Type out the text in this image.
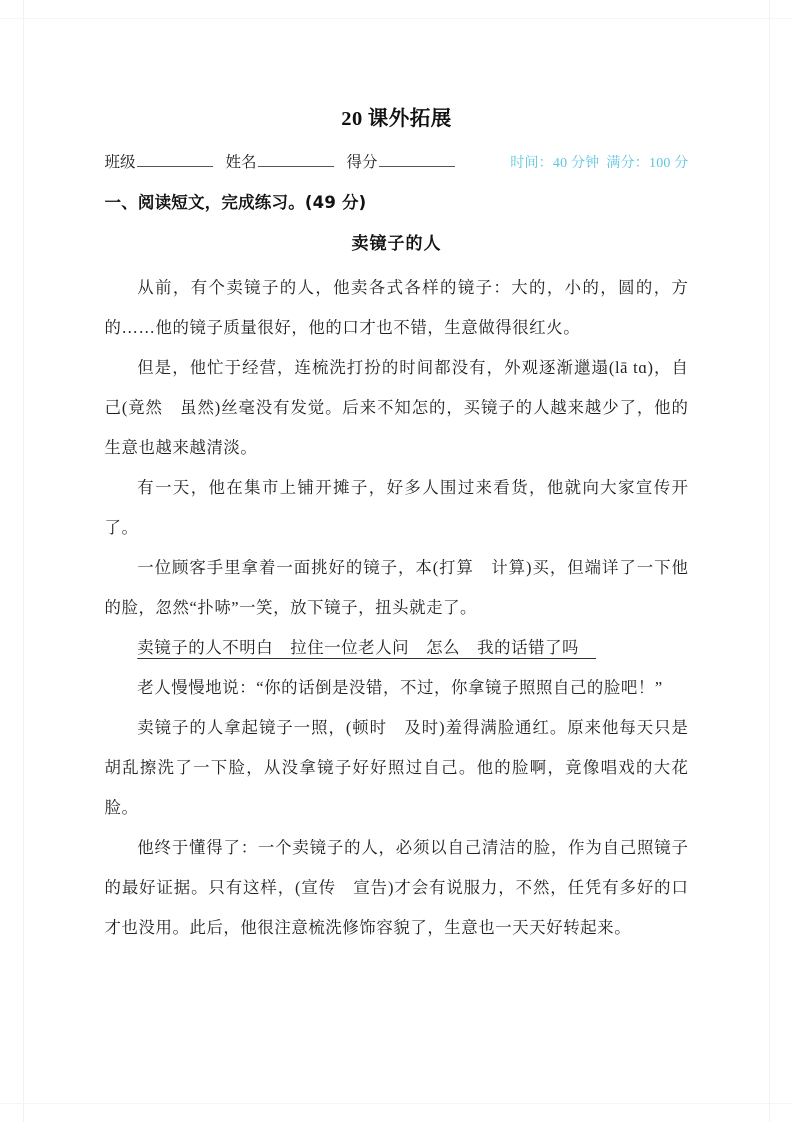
20 课外拓展
班级	姓名	得分	时间：40 分钟 满分：100 分
一、阅读短文，完成练习。(49 分)
卖镜子的人

从前，有个卖镜子的人，他卖各式各样的镜子：大的，小的，圆的，方的……他的镜子质量很好，他的口才也不错，生意做得很红火。

但是，他忙于经营，连梳洗打扮的时间都没有，外观逐渐邋遢(lā tɑ)，自己(竟然　虽然)丝毫没有发觉。后来不知怎的，买镜子的人越来越少了，他的生意也越来越清淡。

有一天，他在集市上铺开摊子，好多人围过来看货，他就向大家宣传开了。

一位顾客手里拿着一面挑好的镜子，本(打算　计算)买，但端详了一下他的脸，忽然“扑哧”一笑，放下镜子，扭头就走了。

卖镜子的人不明白　拉住一位老人问　怎么　我的话错了吗　

老人慢慢地说：“你的话倒是没错，不过，你拿镜子照照自己的脸吧！”

卖镜子的人拿起镜子一照，(顿时　及时)羞得满脸通红。原来他每天只是胡乱擦洗了一下脸，从没拿镜子好好照过自己。他的脸啊，竟像唱戏的大花脸。

他终于懂得了：一个卖镜子的人，必须以自己清洁的脸，作为自己照镜子的最好证据。只有这样，(宣传　宣告)才会有说服力，不然，任凭有多好的口才也没用。此后，他很注意梳洗修饰容貌了，生意也一天天好转起来。
